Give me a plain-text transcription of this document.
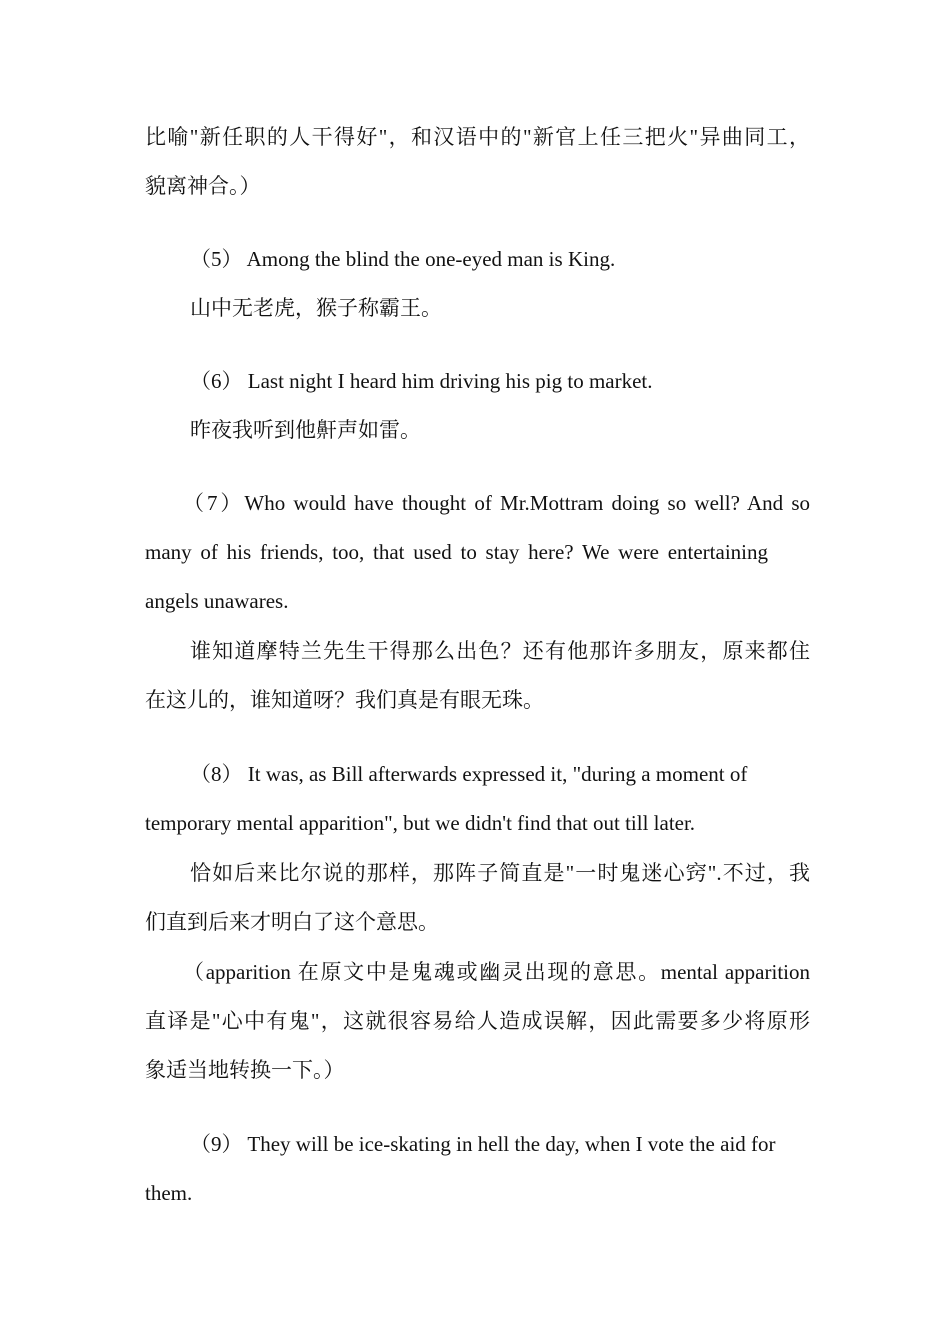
比喻"新任职的人干得好"，和汉语中的"新官上任三把火"异曲同工，
貌离神合。）
（5） Among the blind the one-eyed man is King.
山中无老虎，猴子称霸王。
（6） Last night I heard him driving his pig to market.
昨夜我听到他鼾声如雷。
（7）Who would have thought of Mr.Mottram doing so well? And so
many of his friends, too, that used to stay here? We were entertaining
angels unawares.
谁知道摩特兰先生干得那么出色？还有他那许多朋友，原来都住
在这儿的，谁知道呀？我们真是有眼无珠。
（8） It was, as Bill afterwards expressed it, "during a moment of
temporary mental apparition", but we didn't find that out till later.
恰如后来比尔说的那样，那阵子简直是"一时鬼迷心窍".不过，我
们直到后来才明白了这个意思。
（apparition 在原文中是鬼魂或幽灵出现的意思。mental apparition
直译是"心中有鬼"，这就很容易给人造成误解，因此需要多少将原形
象适当地转换一下。）
（9） They will be ice-skating in hell the day, when I vote the aid for
them.
